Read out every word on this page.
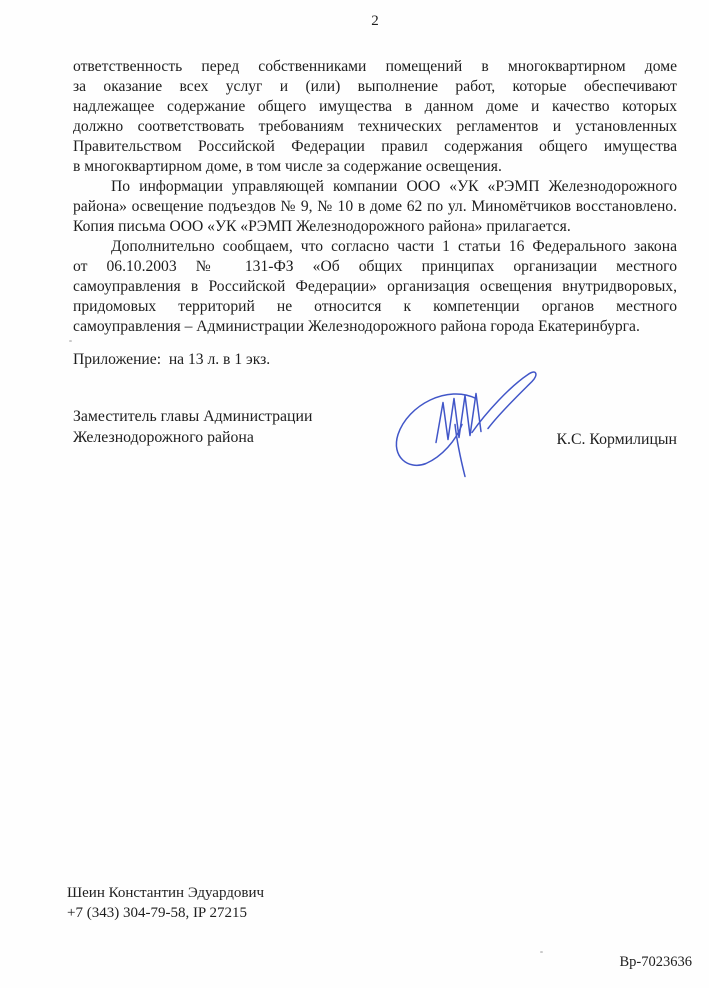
2
ответственность перед собственниками помещений в многоквартирном доме
за оказание всех услуг и (или) выполнение работ, которые обеспечивают
надлежащее содержание общего имущества в данном доме и качество которых
должно соответствовать требованиям технических регламентов и установленных
Правительством Российской Федерации правил содержания общего имущества
в многоквартирном доме, в том числе за содержание освещения.
По информации управляющей компании ООО «УК «РЭМП Железнодорожного
района» освещение подъездов № 9, № 10 в доме 62 по ул. Миномётчиков восстановлено.
Копия письма ООО «УК «РЭМП Железнодорожного района» прилагается.
Дополнительно сообщаем, что согласно части 1 статьи 16 Федерального закона
от 06.10.2003 № 131-ФЗ «Об общих принципах организации местного
самоуправления в Российской Федерации» организация освещения внутридворовых,
придомовых территорий не относится к компетенции органов местного
самоуправления – Администрации Железнодорожного района города Екатеринбурга.
Приложение:  на 13 л. в 1 экз.
Заместитель главы Администрации
Железнодорожного района	К.С. Кормилицын
Шеин Константин Эдуардович
+7 (343) 304-79-58, IP 27215
Вр-7023636
